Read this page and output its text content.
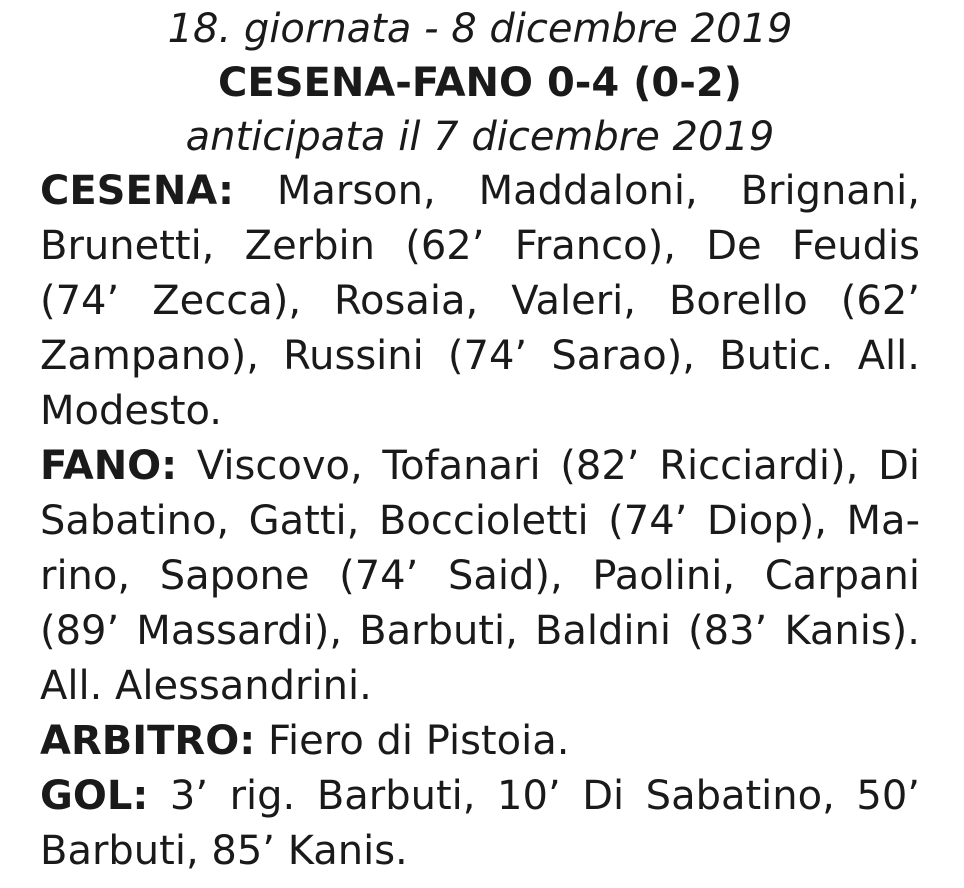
18. giornata - 8 dicembre 2019

CESENA-FANO 0-4 (0-2)

anticipata il 7 dicembre 2019

CESENA: Marson, Maddaloni, Brignani, Brunetti, Zerbin (62’ Franco), De Feudis (74’ Zecca), Rosaia, Valeri, Borello (62’ Zampano), Russini (74’ Sarao), Butic. All. Modesto.

FANO: Viscovo, Tofanari (82’ Ricciardi), Di Sabatino, Gatti, Boccioletti (74’ Diop), Marino, Sapone (74’ Said), Paolini, Carpani (89’ Massardi), Barbuti, Baldini (83’ Kanis). All. Alessandrini.

ARBITRO: Fiero di Pistoia.

GOL: 3’ rig. Barbuti, 10’ Di Sabatino, 50’ Barbuti, 85’ Kanis.
